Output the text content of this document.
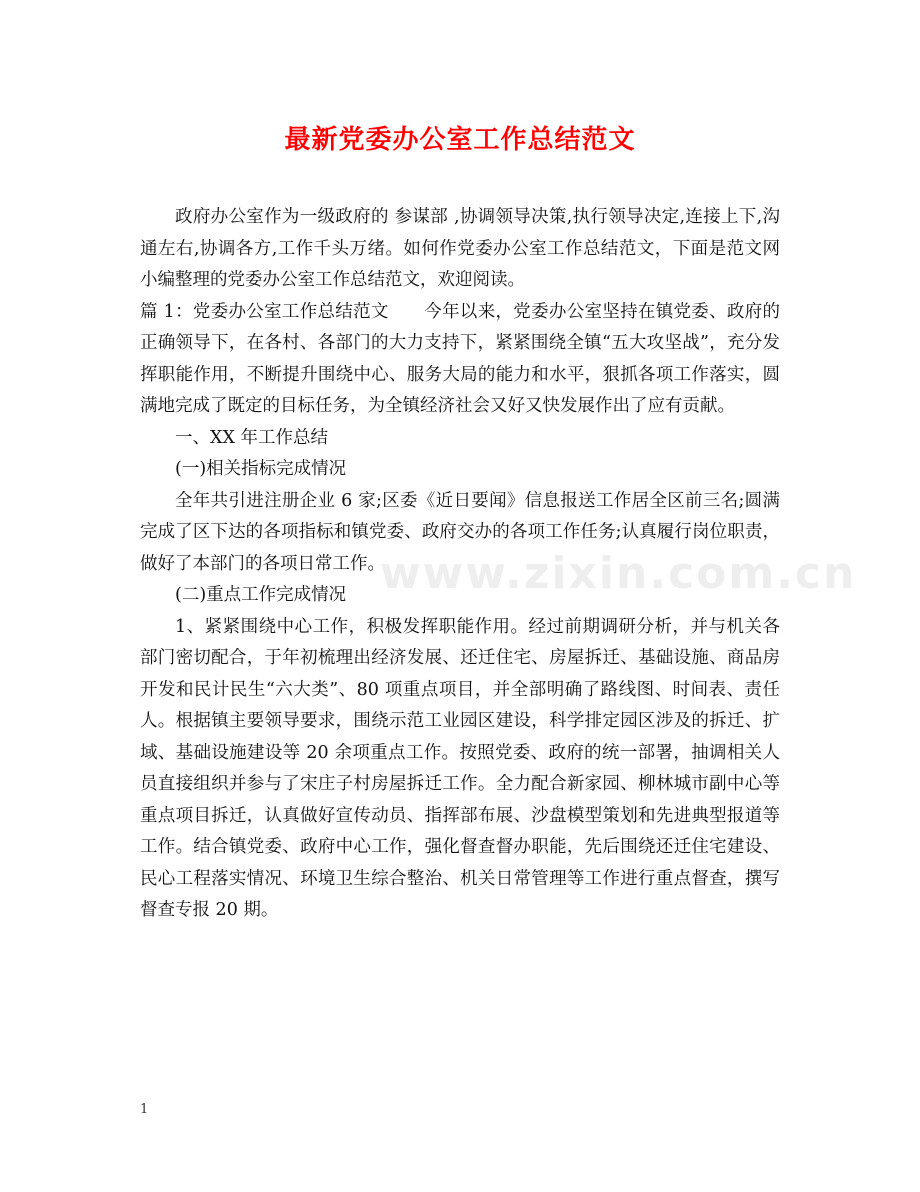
最新党委办公室工作总结范文
www.zixin.com.cn

政府办公室作为一级政府的 参谋部 ,协调领导决策,执行领导决定,连接上下,沟通左右,协调各方,工作千头万绪。如何作党委办公室工作总结范文，下面是范文网小编整理的党委办公室工作总结范文，欢迎阅读。

篇 1：党委办公室工作总结范文　　今年以来，党委办公室坚持在镇党委、政府的正确领导下，在各村、各部门的大力支持下，紧紧围绕全镇“五大攻坚战”，充分发挥职能作用，不断提升围绕中心、服务大局的能力和水平，狠抓各项工作落实，圆满地完成了既定的目标任务，为全镇经济社会又好又快发展作出了应有贡献。

一、XX 年工作总结

(一)相关指标完成情况

全年共引进注册企业 6 家;区委《近日要闻》信息报送工作居全区前三名;圆满完成了区下达的各项指标和镇党委、政府交办的各项工作任务;认真履行岗位职责，做好了本部门的各项日常工作。

(二)重点工作完成情况

1、紧紧围绕中心工作，积极发挥职能作用。经过前期调研分析，并与机关各部门密切配合，于年初梳理出经济发展、还迁住宅、房屋拆迁、基础设施、商品房开发和民计民生“六大类”、80 项重点项目，并全部明确了路线图、时间表、责任人。根据镇主要领导要求，围绕示范工业园区建设，科学排定园区涉及的拆迁、扩域、基础设施建设等 20 余项重点工作。按照党委、政府的统一部署，抽调相关人员直接组织并参与了宋庄子村房屋拆迁工作。全力配合新家园、柳林城市副中心等重点项目拆迁，认真做好宣传动员、指挥部布展、沙盘模型策划和先进典型报道等工作。结合镇党委、政府中心工作，强化督查督办职能，先后围绕还迁住宅建设、民心工程落实情况、环境卫生综合整治、机关日常管理等工作进行重点督查，撰写督查专报 20 期。

1
